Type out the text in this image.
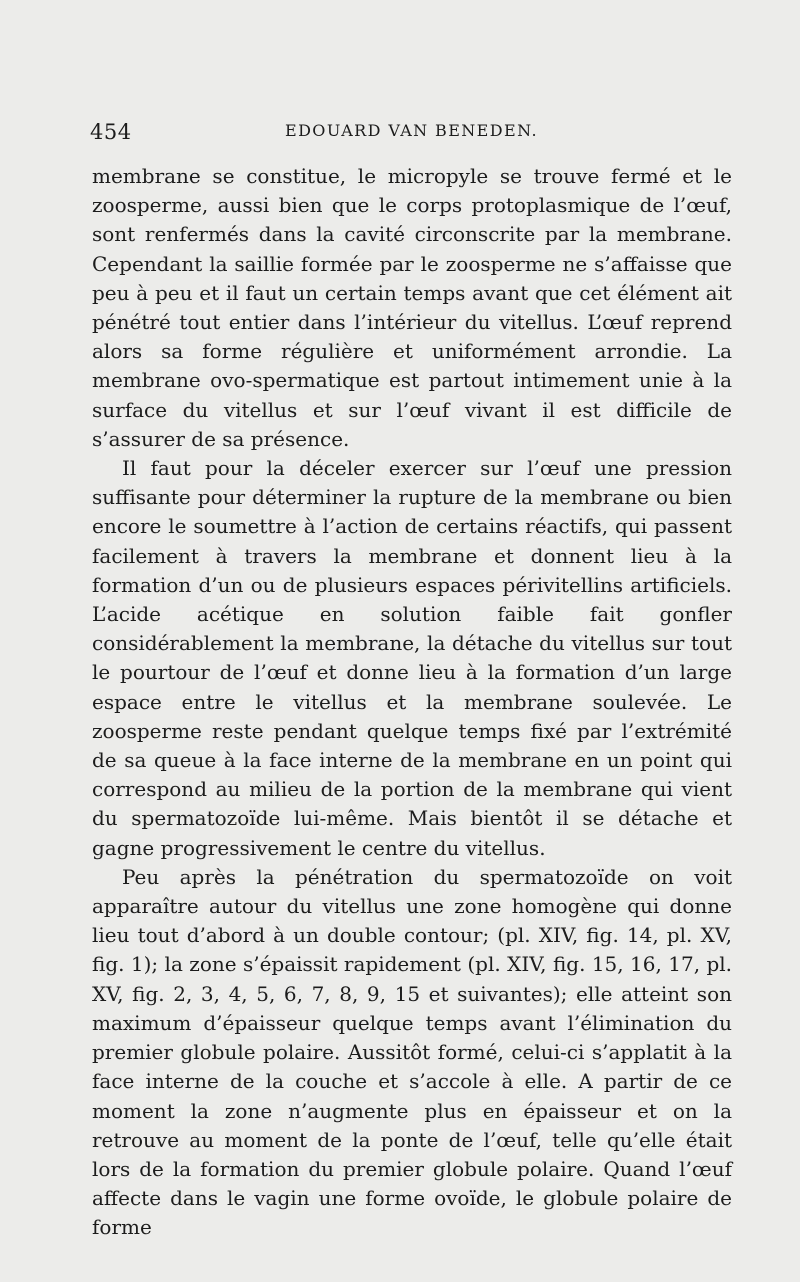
454	EDOUARD VAN BENEDEN.

membrane se constitue, le micropyle se trouve fermé et le zoosperme, aussi bien que le corps protoplasmique de l’œuf, sont renfermés dans la cavité circonscrite par la membrane. Cependant la saillie formée par le zoosperme ne s’affaisse que peu à peu et il faut un certain temps avant que cet élément ait pénétré tout entier dans l’intérieur du vitellus. L’œuf reprend alors sa forme régulière et uniformément arrondie. La membrane ovo-spermatique est partout intimement unie à la surface du vitellus et sur l’œuf vivant il est difficile de s’assurer de sa présence.

Il faut pour la déceler exercer sur l’œuf une pression suffisante pour déterminer la rupture de la membrane ou bien encore le soumettre à l’action de certains réactifs, qui passent facilement à travers la membrane et donnent lieu à la formation d’un ou de plusieurs espaces périvitellins artificiels. L’acide acétique en solution faible fait gonfler considérablement la membrane, la détache du vitellus sur tout le pourtour de l’œuf et donne lieu à la formation d’un large espace entre le vitellus et la membrane soulevée. Le zoosperme reste pendant quelque temps fixé par l’extrémité de sa queue à la face interne de la membrane en un point qui correspond au milieu de la portion de la membrane qui vient du spermatozoïde lui-même. Mais bientôt il se détache et gagne progressivement le centre du vitellus.

Peu après la pénétration du spermatozoïde on voit apparaître autour du vitellus une zone homogène qui donne lieu tout d’abord à un double contour; (pl. XIV, fig. 14, pl. XV, fig. 1); la zone s’épaissit rapidement (pl. XIV, fig. 15, 16, 17, pl. XV, fig. 2, 3, 4, 5, 6, 7, 8, 9, 15 et suivantes); elle atteint son maximum d’épaisseur quelque temps avant l’élimination du premier globule polaire. Aussitôt formé, celui-ci s’applatit à la face interne de la couche et s’accole à elle. A partir de ce moment la zone n’augmente plus en épaisseur et on la retrouve au moment de la ponte de l’œuf, telle qu’elle était lors de la formation du premier globule polaire. Quand l’œuf affecte dans le vagin une forme ovoïde, le globule polaire de forme
